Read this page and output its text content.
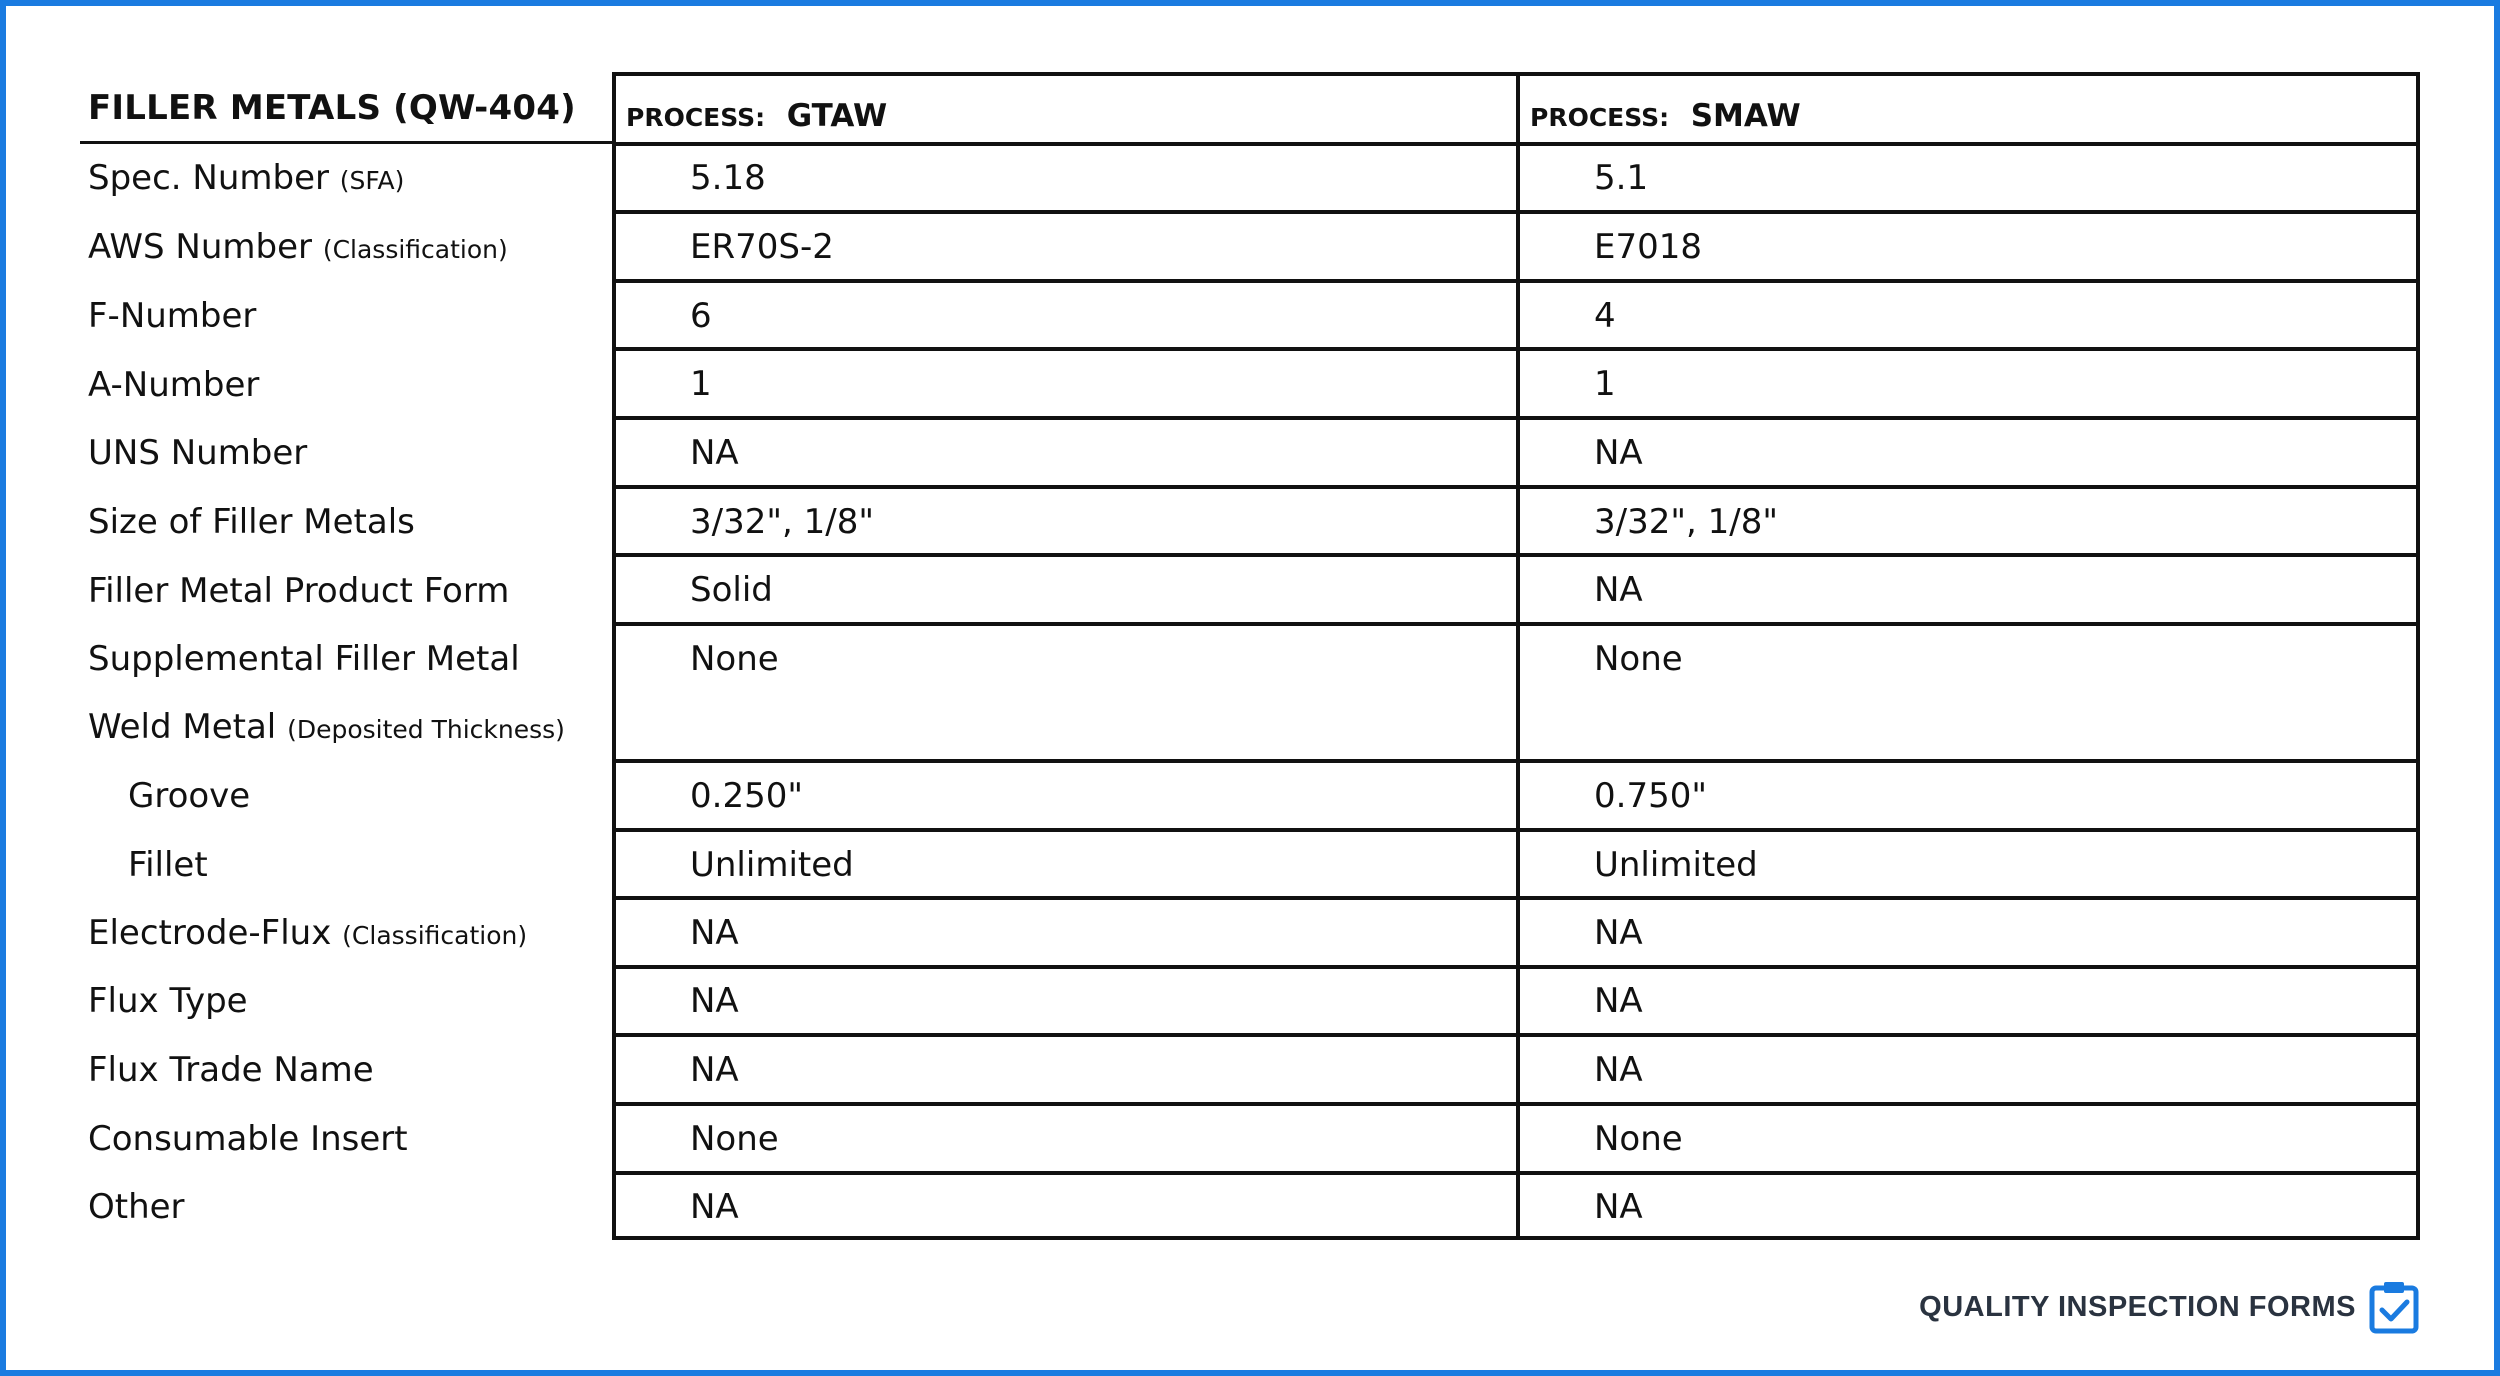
FILLER METALS (QW-404)
Spec. Number (SFA)
AWS Number (Classification)
F-Number
A-Number
UNS Number
Size of Filler Metals
Filler Metal Product Form
Supplemental Filler Metal
Weld Metal (Deposited Thickness)
Groove
Fillet
Electrode-Flux (Classification)
Flux Type
Flux Trade Name
Consumable Insert
Other
PROCESS: GTAW	PROCESS: SMAW
5.18
ER70S-2
6
1
NA
3/32", 1/8"
Solid
None
0.250"
Unlimited
NA
NA
NA
None
NA
5.1
E7018
4
1
NA
3/32", 1/8"
NA
None
0.750"
Unlimited
NA
NA
NA
None
NA
QUALITY INSPECTION FORMS
